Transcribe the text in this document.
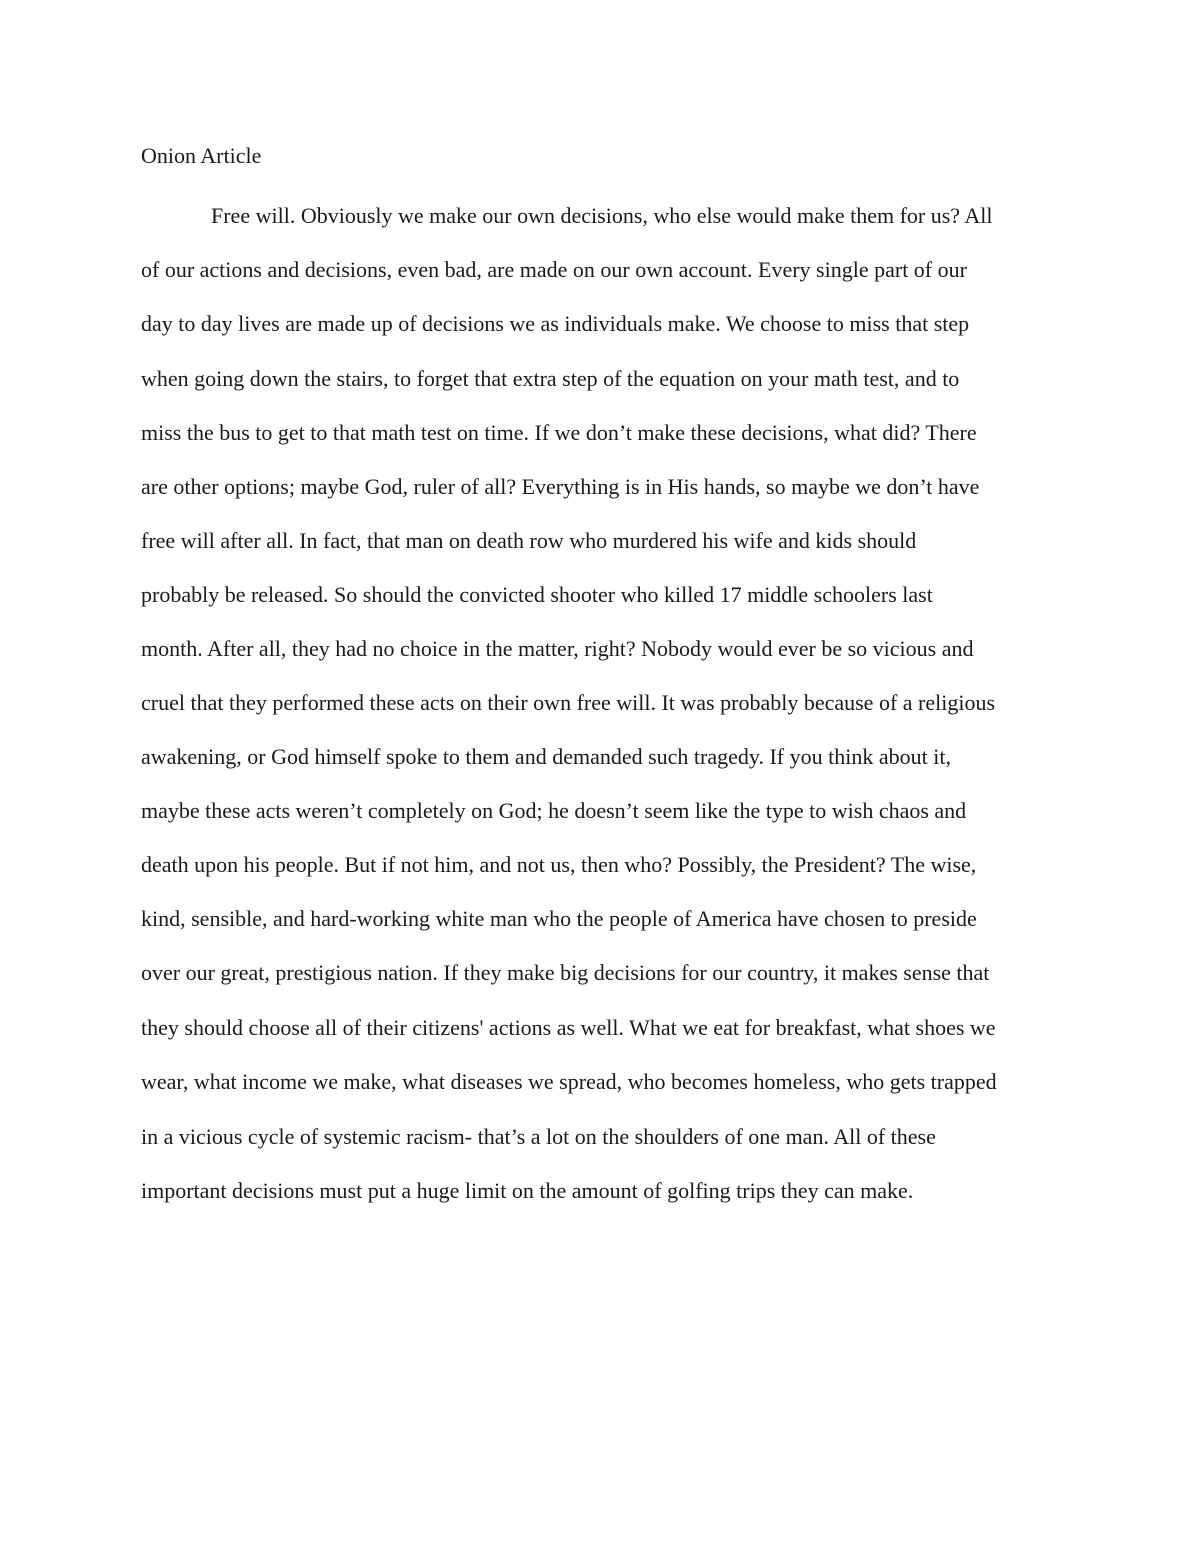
Onion Article
Free will. Obviously we make our own decisions, who else would make them for us? All
of our actions and decisions, even bad, are made on our own account. Every single part of our
day to day lives are made up of decisions we as individuals make. We choose to miss that step
when going down the stairs, to forget that extra step of the equation on your math test, and to
miss the bus to get to that math test on time. If we don’t make these decisions, what did? There
are other options; maybe God, ruler of all? Everything is in His hands, so maybe we don’t have
free will after all. In fact, that man on death row who murdered his wife and kids should
probably be released. So should the convicted shooter who killed 17 middle schoolers last
month. After all, they had no choice in the matter, right? Nobody would ever be so vicious and
cruel that they performed these acts on their own free will. It was probably because of a religious
awakening, or God himself spoke to them and demanded such tragedy. If you think about it,
maybe these acts weren’t completely on God; he doesn’t seem like the type to wish chaos and
death upon his people. But if not him, and not us, then who? Possibly, the President? The wise,
kind, sensible, and hard-working white man who the people of America have chosen to preside
over our great, prestigious nation. If they make big decisions for our country, it makes sense that
they should choose all of their citizens' actions as well. What we eat for breakfast, what shoes we
wear, what income we make, what diseases we spread, who becomes homeless, who gets trapped
in a vicious cycle of systemic racism- that’s a lot on the shoulders of one man. All of these
important decisions must put a huge limit on the amount of golfing trips they can make.
